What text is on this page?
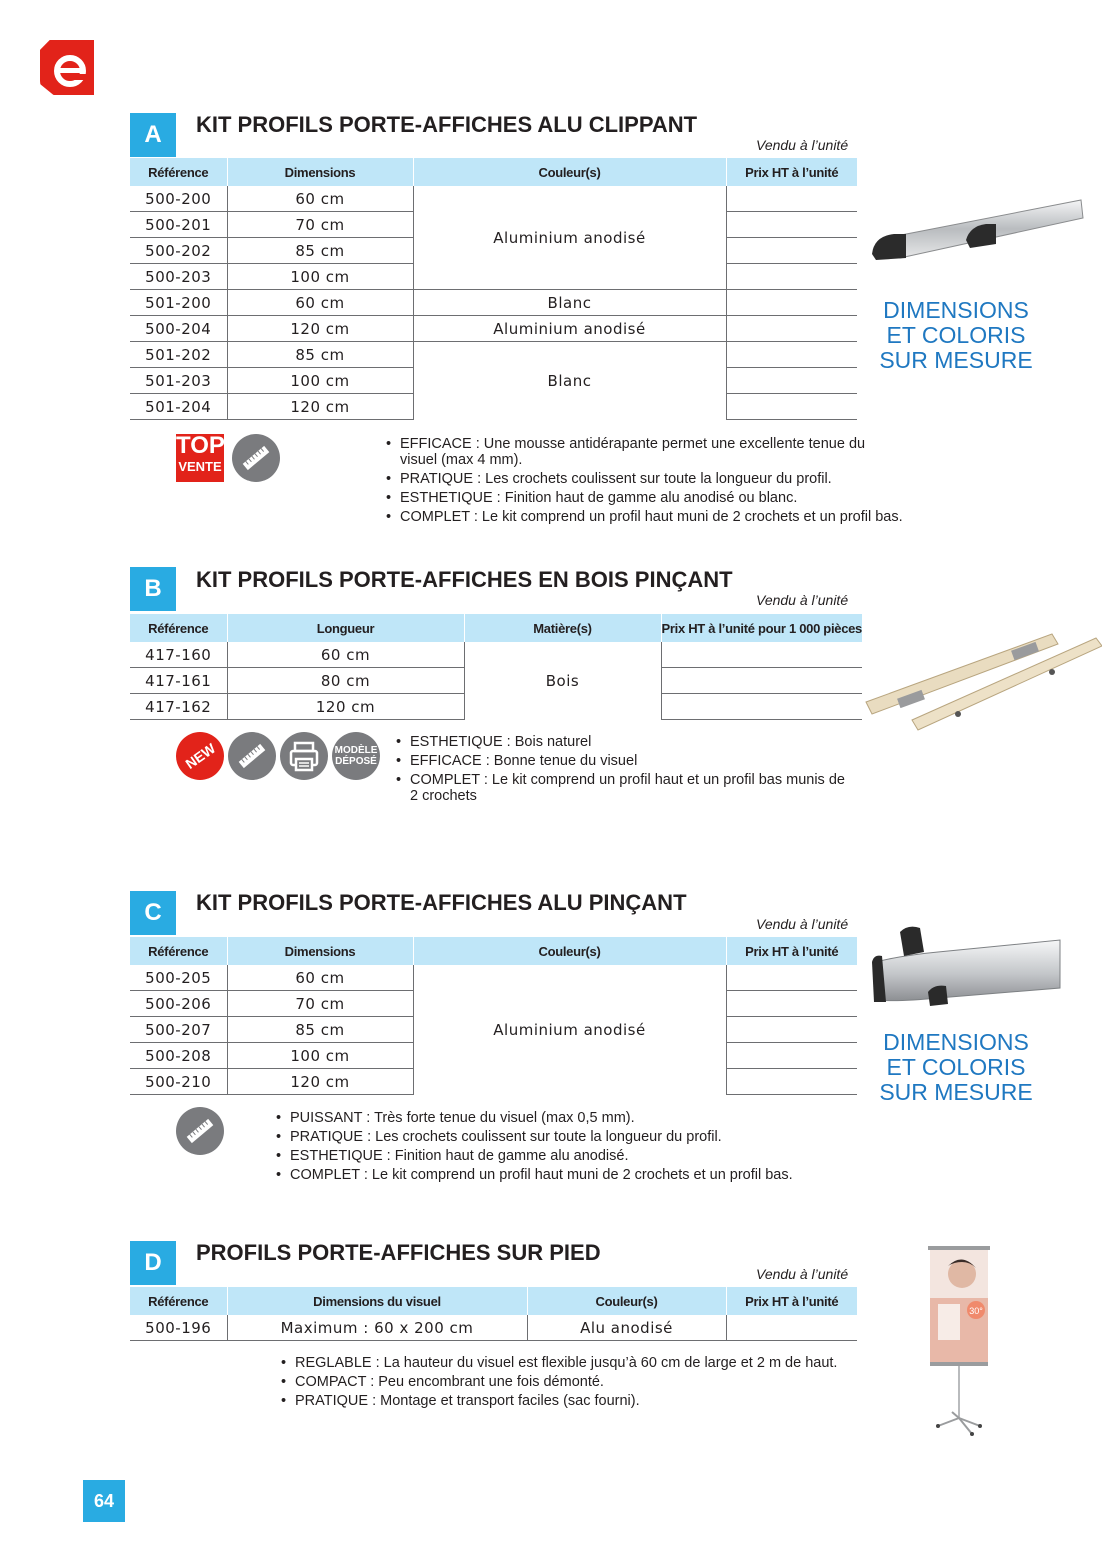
A	KIT PROFILS PORTE-AFFICHES ALU CLIPPANT
Vendu à l’unité
Référence	Dimensions	Couleur(s)	Prix HT à l’unité
500-200	60 cm	Aluminium anodisé	
500-201	70 cm		
500-202	85 cm		
500-203	100 cm		
501-200	60 cm	Blanc	
500-204	120 cm	Aluminium anodisé	
501-202	85 cm	Blanc	
501-203	100 cm		
501-204	120 cm		
TOP
VENTE
• EFFICACE : Une mousse antidérapante permet une excellente tenue du visuel (max 4 mm).
• PRATIQUE : Les crochets coulissent sur toute la longueur du profil.
• ESTHETIQUE : Finition haut de gamme alu anodisé ou blanc.
• COMPLET : Le kit comprend un profil haut muni de 2 crochets et un profil bas.
DIMENSIONS
ET COLORIS
SUR MESURE
B	KIT PROFILS PORTE-AFFICHES EN BOIS PINÇANT
Vendu à l’unité
Référence	Longueur	Matière(s)	Prix HT à l’unité pour 1 000 pièces
417-160	60 cm	Bois	
417-161	80 cm		
417-162	120 cm		
NEW	MODÈLE
DÉPOSÉ
• ESTHETIQUE : Bois naturel
• EFFICACE : Bonne tenue du visuel
• COMPLET : Le kit comprend un profil haut et un profil bas munis de 2 crochets
C	KIT PROFILS PORTE-AFFICHES ALU PINÇANT
Vendu à l’unité
Référence	Dimensions	Couleur(s)	Prix HT à l’unité
500-205	60 cm	Aluminium anodisé	
500-206	70 cm		
500-207	85 cm		
500-208	100 cm		
500-210	120 cm		
• PUISSANT : Très forte tenue du visuel (max 0,5 mm).
• PRATIQUE : Les crochets coulissent sur toute la longueur du profil.
• ESTHETIQUE : Finition haut de gamme alu anodisé.
• COMPLET : Le kit comprend un profil haut muni de 2 crochets et un profil bas.
DIMENSIONS
ET COLORIS
SUR MESURE
D	PROFILS PORTE-AFFICHES SUR PIED
Vendu à l’unité
Référence	Dimensions du visuel	Couleur(s)	Prix HT à l’unité
500-196	Maximum : 60 x 200 cm	Alu anodisé	
• REGLABLE : La hauteur du visuel est flexible jusqu’à 60 cm de large et 2 m de haut.
• COMPACT : Peu encombrant une fois démonté.
• PRATIQUE : Montage et transport faciles (sac fourni).
30°
64
